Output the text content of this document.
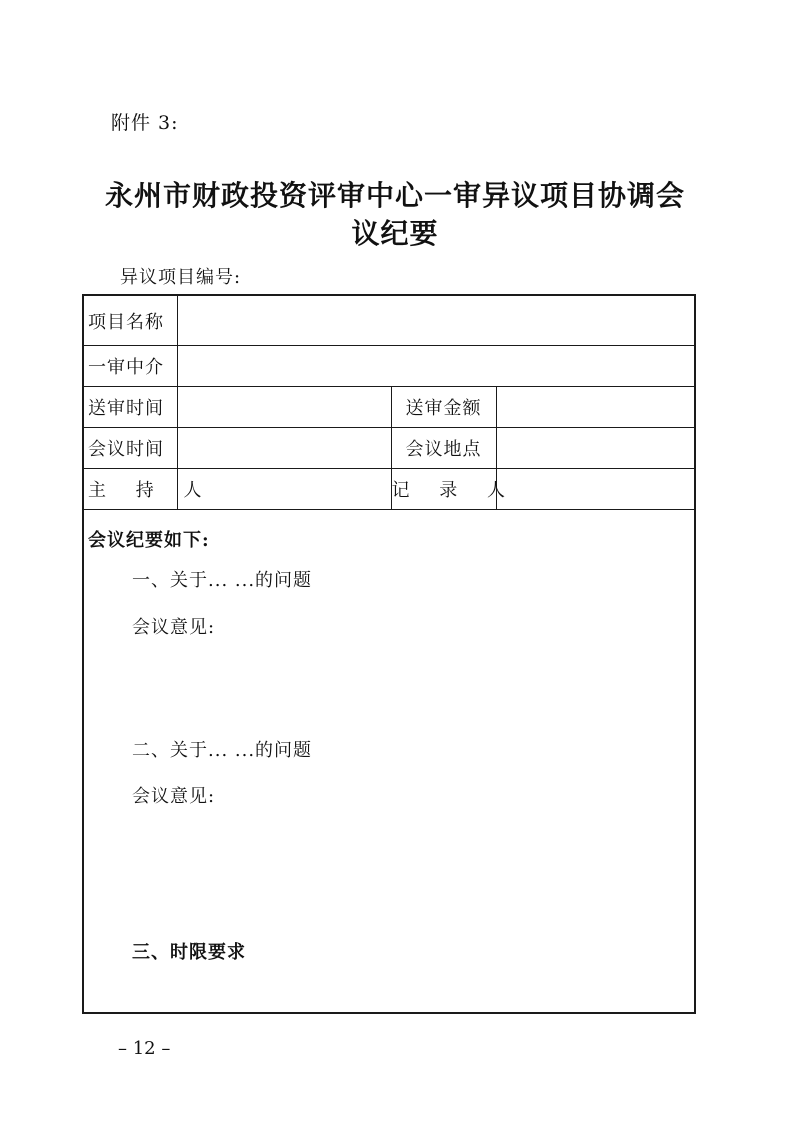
附件 3:
永州市财政投资评审中心一审异议项目协调会
议纪要
异议项目编号:
项目名称			
一审中介			
送审时间		送审金额	
会议时间		会议地点	
主 持 人		记 录 人	
会议纪要如下:
一、关于... ...的问题
会议意见:
二、关于... ...的问题
会议意见:
三、时限要求
– 12 –
